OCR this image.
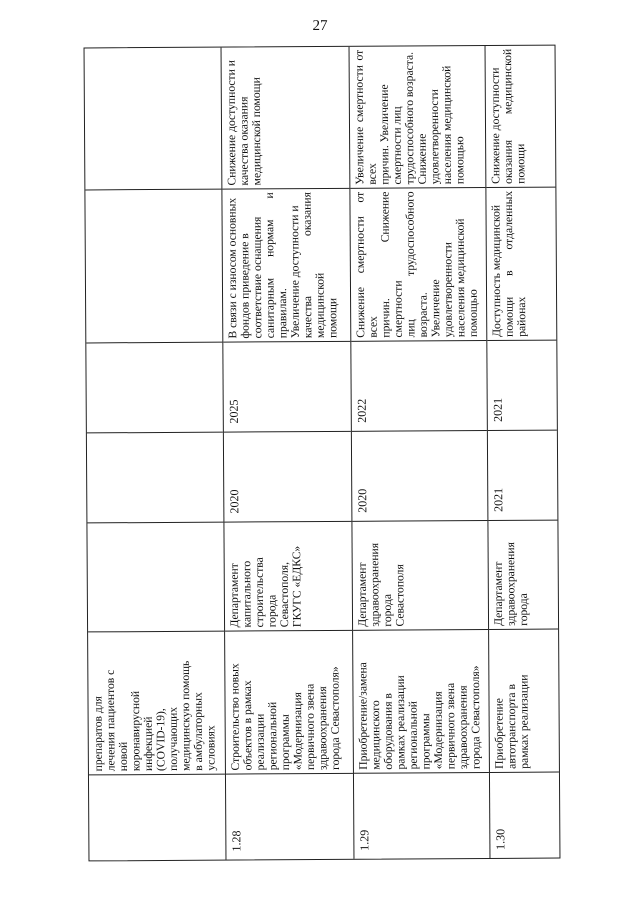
27
препаратов для
лечения пациентов с
новой
коронавирусной
инфекцией
(COVID-19),
получающих
медицинскую помощь
в амбулаторных
условиях
1.28
Строительство новых
объектов в рамках
реализации
региональной
программы
«Модернизация
первичного звена
здравоохранения
города Севастополя»
Департамент
капитального
строительства
города
Севастополя,
ГКУГС «ЕДКС»
2020
2025
В связи с износом основных
фондов приведение в
соответствие оснащения
санитарным нормам и правилам.
Увеличение доступности и
качества оказания медицинской
помощи
Снижение доступности и
качества оказания
медицинской помощи
1.29
Приобретение/замена
медицинского
оборудования в
рамках реализации
региональной
программы
«Модернизация
первичного звена
здравоохранения
города Севастополя»
Департамент
здравоохранения
города
Севастополя
2020
2022
Снижение смертности от всех
причин. Снижение смертности
лиц трудоспособного возраста.
Увеличение удовлетворенности
населения медицинской
помощью
Увеличение смертности от всех
причин. Увеличение
смертности лиц
трудоспособного возраста.
Снижение удовлетворенности
населения медицинской
помощью
1.30
Приобретение
автотранспорта в
рамках реализации
Департамент
здравоохранения
города
2021
2021
Доступность медицинской
помощи в отдаленных районах
Снижение доступности
оказания медицинской помощи
